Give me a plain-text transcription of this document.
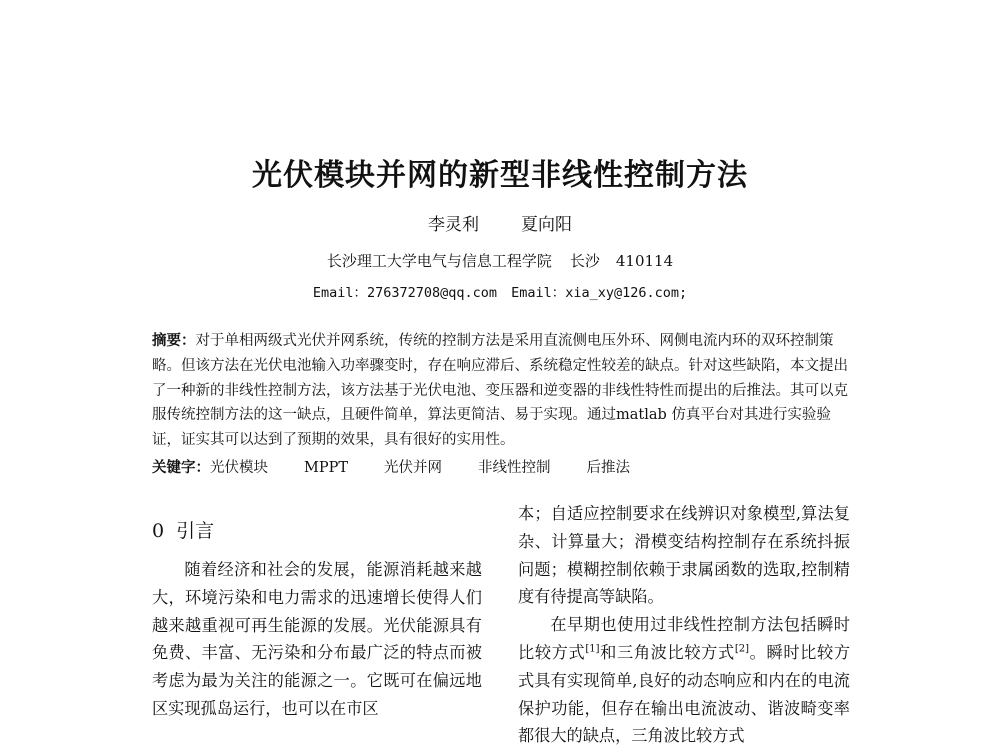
光伏模块并网的新型非线性控制方法
李灵利 夏向阳
长沙理工大学电气与信息工程学院 长沙 410114
Email：276372708@qq.com Email：xia_xy@126.com;
摘要：对于单相两级式光伏并网系统，传统的控制方法是采用直流侧电压外环、网侧电流内环的双环控制策略。但该方法在光伏电池输入功率骤变时，存在响应滞后、系统稳定性较差的缺点。针对这些缺陷，本文提出了一种新的非线性控制方法，该方法基于光伏电池、变压器和逆变器的非线性特性而提出的后推法。其可以克服传统控制方法的这一缺点，且硬件简单，算法更简洁、易于实现。通过matlab 仿真平台对其进行实验验证，证实其可以达到了预期的效果，具有很好的实用性。
关键字：光伏模块 MPPT 光伏并网 非线性控制 后推法
0 引言

随着经济和社会的发展，能源消耗越来越大，环境污染和电力需求的迅速增长使得人们越来越重视可再生能源的发展。光伏能源具有免费、丰富、无污染和分布最广泛的特点而被考虑为最为关注的能源之一。它既可在偏远地区实现孤岛运行，也可以在市区

本；自适应控制要求在线辨识对象模型,算法复杂、计算量大；滑模变结构控制存在系统抖振问题；模糊控制依赖于隶属函数的选取,控制精度有待提高等缺陷。

在早期也使用过非线性控制方法包括瞬时比较方式[1]和三角波比较方式[2]。瞬时比较方式具有实现简单,良好的动态响应和内在的电流保护功能，但存在输出电流波动、谐波畸变率都很大的缺点，三角波比较方式
